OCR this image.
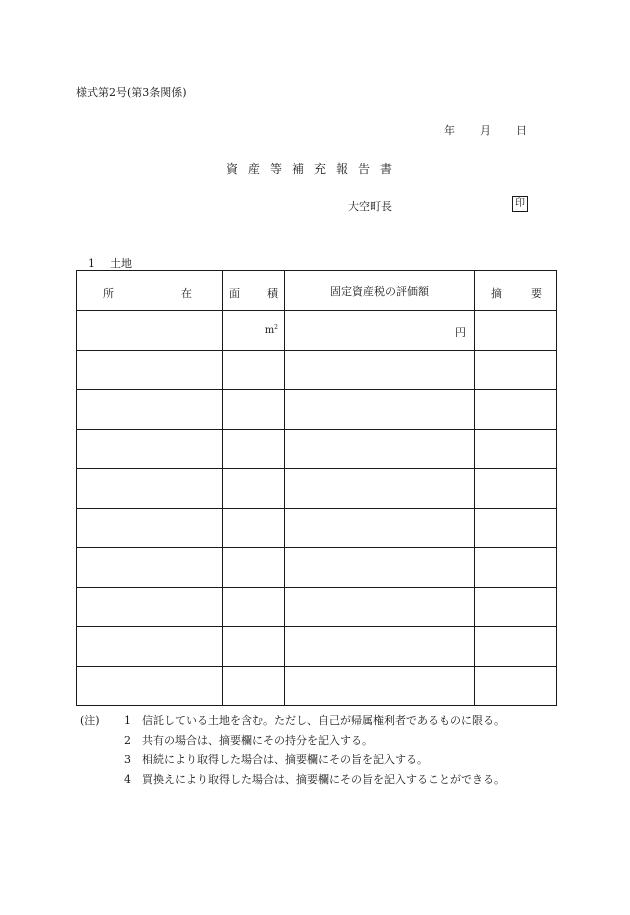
様式第2号(第3条関係)
年 月 日
資産等補充報告書
大空町長	印
1 土地
所 在	面 積	固定資産税の評価額	摘 要

	$m^2$	円	

(注) 1 信託している土地を含む。ただし、自己が帰属権利者であるものに限る。
2 共有の場合は、摘要欄にその持分を記入する。
3 相続により取得した場合は、摘要欄にその旨を記入する。
4 買換えにより取得した場合は、摘要欄にその旨を記入することができる。
